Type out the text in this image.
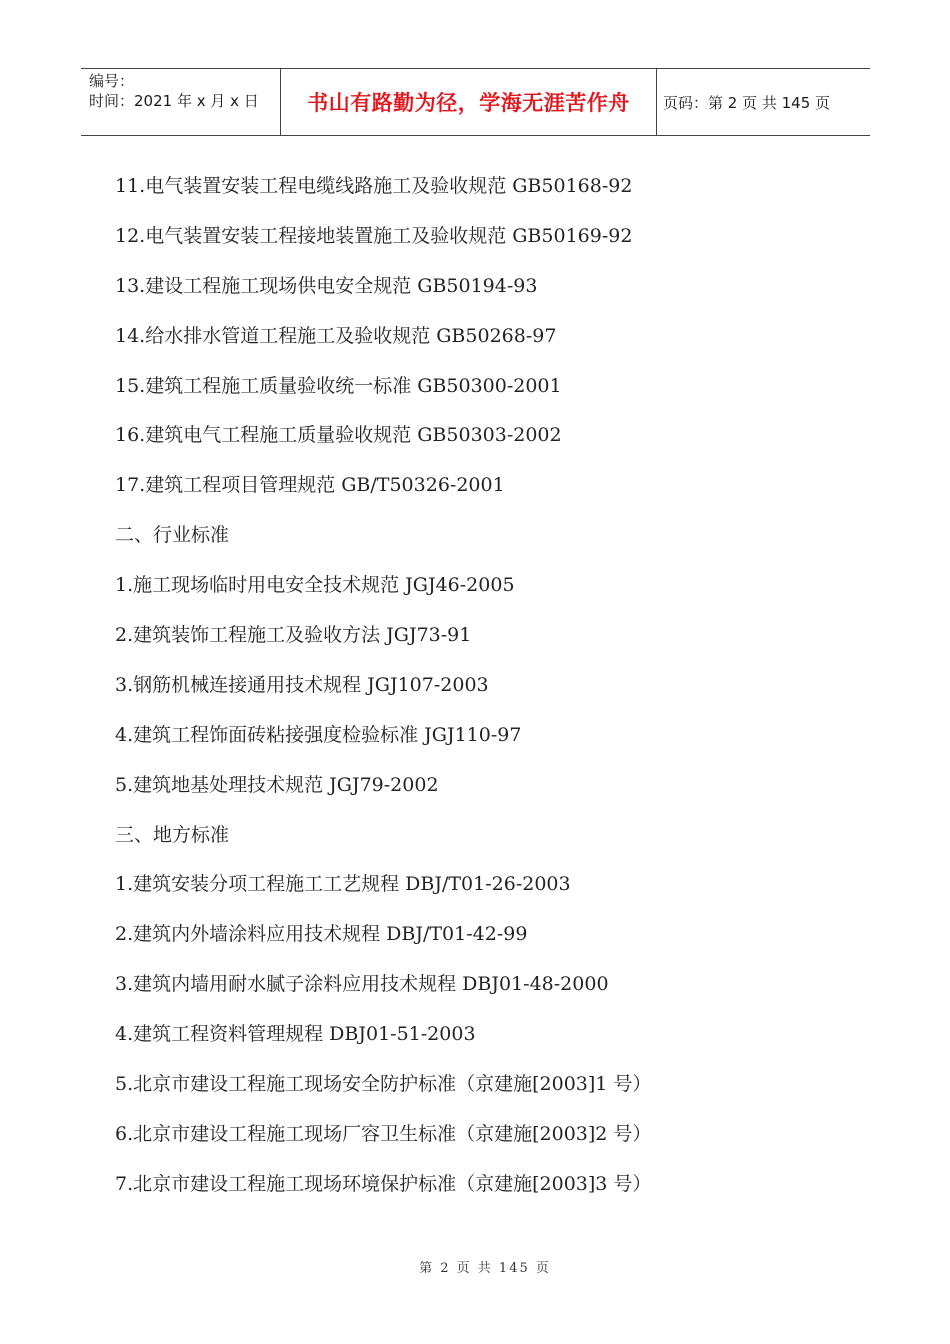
编号：
时间：2021 年 x 月 x 日	书山有路勤为径，学海无涯苦作舟 页码：第 2 页 共 145 页
11.电气装置安装工程电缆线路施工及验收规范 GB50168-92
12.电气装置安装工程接地装置施工及验收规范 GB50169-92
13.建设工程施工现场供电安全规范 GB50194-93
14.给水排水管道工程施工及验收规范 GB50268-97
15.建筑工程施工质量验收统一标准 GB50300-2001
16.建筑电气工程施工质量验收规范 GB50303-2002
17.建筑工程项目管理规范 GB/T50326-2001
二、行业标准
1.施工现场临时用电安全技术规范 JGJ46-2005
2.建筑装饰工程施工及验收方法 JGJ73-91
3.钢筋机械连接通用技术规程 JGJ107-2003
4.建筑工程饰面砖粘接强度检验标准 JGJ110-97
5.建筑地基处理技术规范 JGJ79-2002
三、地方标准
1.建筑安装分项工程施工工艺规程 DBJ/T01-26-2003
2.建筑内外墙涂料应用技术规程 DBJ/T01-42-99
3.建筑内墙用耐水腻子涂料应用技术规程 DBJ01-48-2000
4.建筑工程资料管理规程 DBJ01-51-2003
5.北京市建设工程施工现场安全防护标准（京建施[2003]1 号）
6.北京市建设工程施工现场厂容卫生标准（京建施[2003]2 号）
7.北京市建设工程施工现场环境保护标准（京建施[2003]3 号）
第 2 页 共 145 页
